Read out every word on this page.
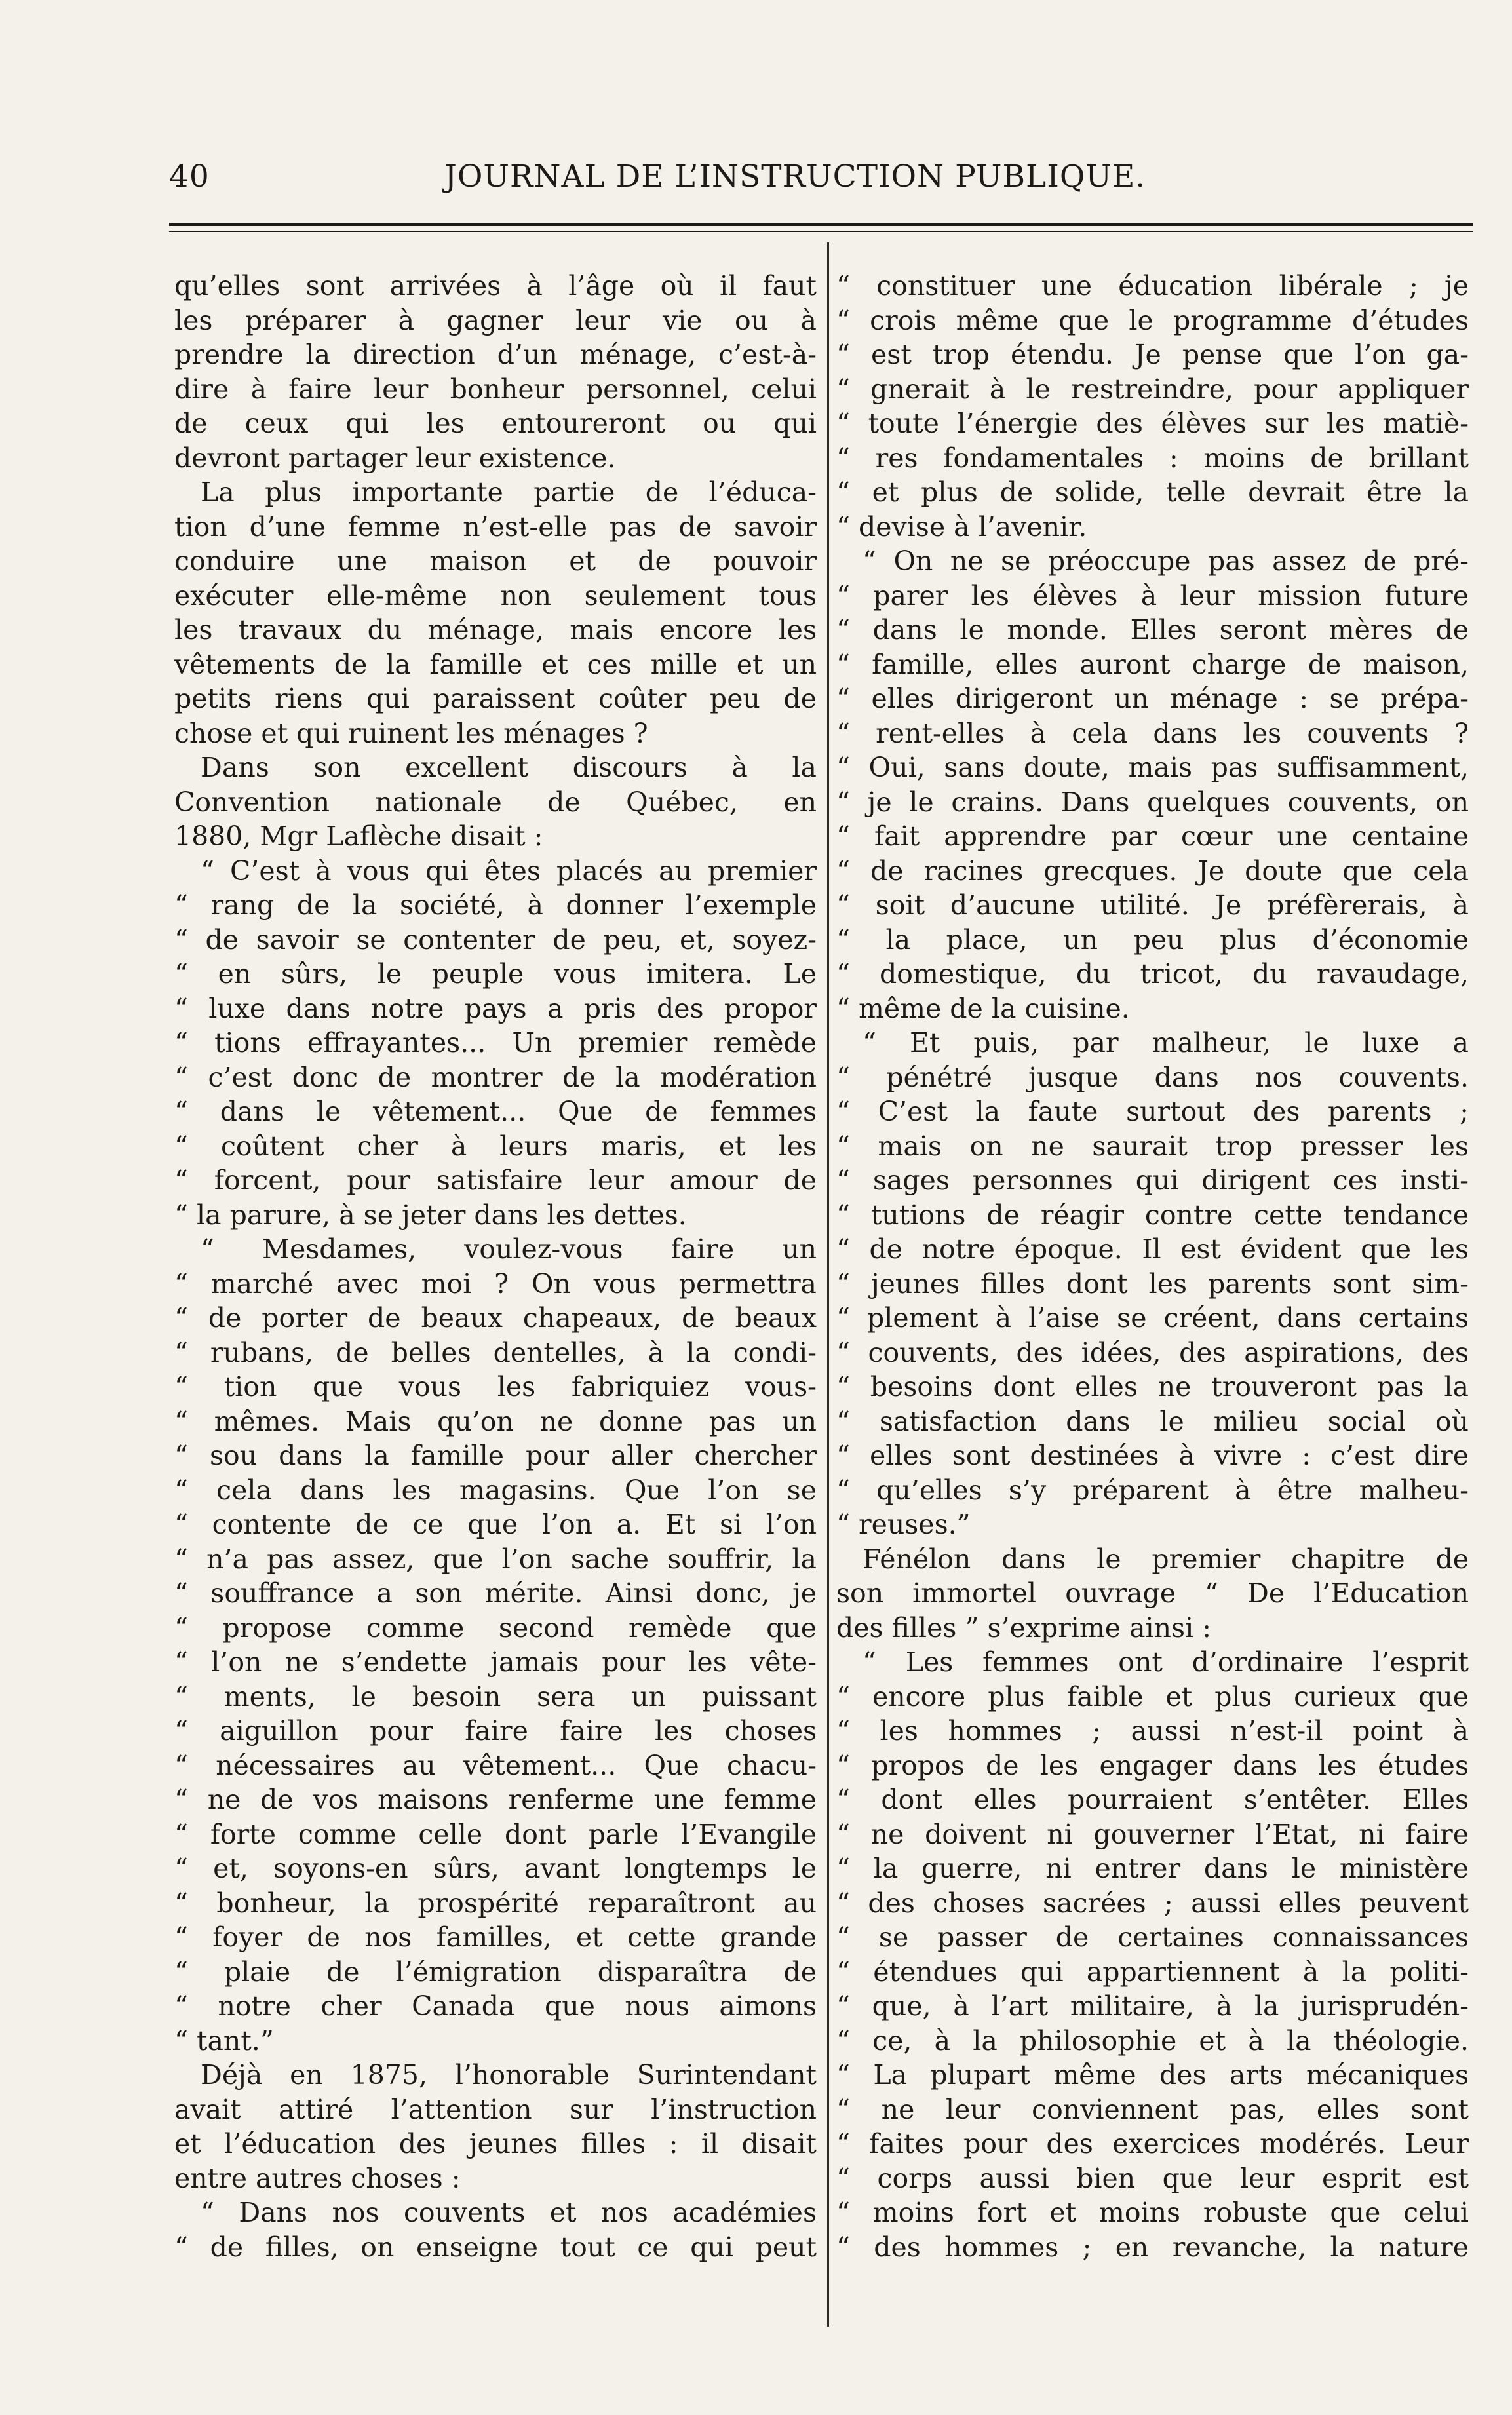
40	JOURNAL DE L’INSTRUCTION PUBLIQUE.
qu’elles sont arrivées à l’âge où il faut
les préparer à gagner leur vie ou à
prendre la direction d’un ménage, c’est-à-
dire à faire leur bonheur personnel, celui
de ceux qui les entoureront ou qui
devront partager leur existence.
La plus importante partie de l’éduca-
tion d’une femme n’est-elle pas de savoir
conduire une maison et de pouvoir
exécuter elle-même non seulement tous
les travaux du ménage, mais encore les
vêtements de la famille et ces mille et un
petits riens qui paraissent coûter peu de
chose et qui ruinent les ménages ?
Dans son excellent discours à la
Convention nationale de Québec, en
1880, Mgr Laflèche disait :
“ C’est à vous qui êtes placés au premier
“ rang de la société, à donner l’exemple
“ de savoir se contenter de peu, et, soyez-
“ en sûrs, le peuple vous imitera. Le
“ luxe dans notre pays a pris des propor
“ tions effrayantes... Un premier remède
“ c’est donc de montrer de la modération
“ dans le vêtement... Que de femmes
“ coûtent cher à leurs maris, et les
“ forcent, pour satisfaire leur amour de
“ la parure, à se jeter dans les dettes.
“ Mesdames, voulez-vous faire un
“ marché avec moi ? On vous permettra
“ de porter de beaux chapeaux, de beaux
“ rubans, de belles dentelles, à la condi-
“ tion que vous les fabriquiez vous-
“ mêmes. Mais qu’on ne donne pas un
“ sou dans la famille pour aller chercher
“ cela dans les magasins. Que l’on se
“ contente de ce que l’on a. Et si l’on
“ n’a pas assez, que l’on sache souffrir, la
“ souffrance a son mérite. Ainsi donc, je
“ propose comme second remède que
“ l’on ne s’endette jamais pour les vête-
“ ments, le besoin sera un puissant
“ aiguillon pour faire faire les choses
“ nécessaires au vêtement... Que chacu-
“ ne de vos maisons renferme une femme
“ forte comme celle dont parle l’Evangile
“ et, soyons-en sûrs, avant longtemps le
“ bonheur, la prospérité reparaîtront au
“ foyer de nos familles, et cette grande
“ plaie de l’émigration disparaîtra de
“ notre cher Canada que nous aimons
“ tant.”
Déjà en 1875, l’honorable Surintendant
avait attiré l’attention sur l’instruction
et l’éducation des jeunes filles : il disait
entre autres choses :
“ Dans nos couvents et nos académies
“ de filles, on enseigne tout ce qui peut
“ constituer une éducation libérale ; je
“ crois même que le programme d’études
“ est trop étendu. Je pense que l’on ga-
“ gnerait à le restreindre, pour appliquer
“ toute l’énergie des élèves sur les matiè-
“ res fondamentales : moins de brillant
“ et plus de solide, telle devrait être la
“ devise à l’avenir.
“ On ne se préoccupe pas assez de pré-
“ parer les élèves à leur mission future
“ dans le monde. Elles seront mères de
“ famille, elles auront charge de maison,
“ elles dirigeront un ménage : se prépa-
“ rent-elles à cela dans les couvents ?
“ Oui, sans doute, mais pas suffisamment,
“ je le crains. Dans quelques couvents, on
“ fait apprendre par cœur une centaine
“ de racines grecques. Je doute que cela
“ soit d’aucune utilité. Je préfèrerais, à
“ la place, un peu plus d’économie
“ domestique, du tricot, du ravaudage,
“ même de la cuisine.
“ Et puis, par malheur, le luxe a
“ pénétré jusque dans nos couvents.
“ C’est la faute surtout des parents ;
“ mais on ne saurait trop presser les
“ sages personnes qui dirigent ces insti-
“ tutions de réagir contre cette tendance
“ de notre époque. Il est évident que les
“ jeunes filles dont les parents sont sim-
“ plement à l’aise se créent, dans certains
“ couvents, des idées, des aspirations, des
“ besoins dont elles ne trouveront pas la
“ satisfaction dans le milieu social où
“ elles sont destinées à vivre : c’est dire
“ qu’elles s’y préparent à être malheu-
“ reuses.”
Fénélon dans le premier chapitre de
son immortel ouvrage “ De l’Education
des filles ” s’exprime ainsi :
“ Les femmes ont d’ordinaire l’esprit
“ encore plus faible et plus curieux que
“ les hommes ; aussi n’est-il point à
“ propos de les engager dans les études
“ dont elles pourraient s’entêter. Elles
“ ne doivent ni gouverner l’Etat, ni faire
“ la guerre, ni entrer dans le ministère
“ des choses sacrées ; aussi elles peuvent
“ se passer de certaines connaissances
“ étendues qui appartiennent à la politi-
“ que, à l’art militaire, à la jurisprudén-
“ ce, à la philosophie et à la théologie.
“ La plupart même des arts mécaniques
“ ne leur conviennent pas, elles sont
“ faites pour des exercices modérés. Leur
“ corps aussi bien que leur esprit est
“ moins fort et moins robuste que celui
“ des hommes ; en revanche, la nature
